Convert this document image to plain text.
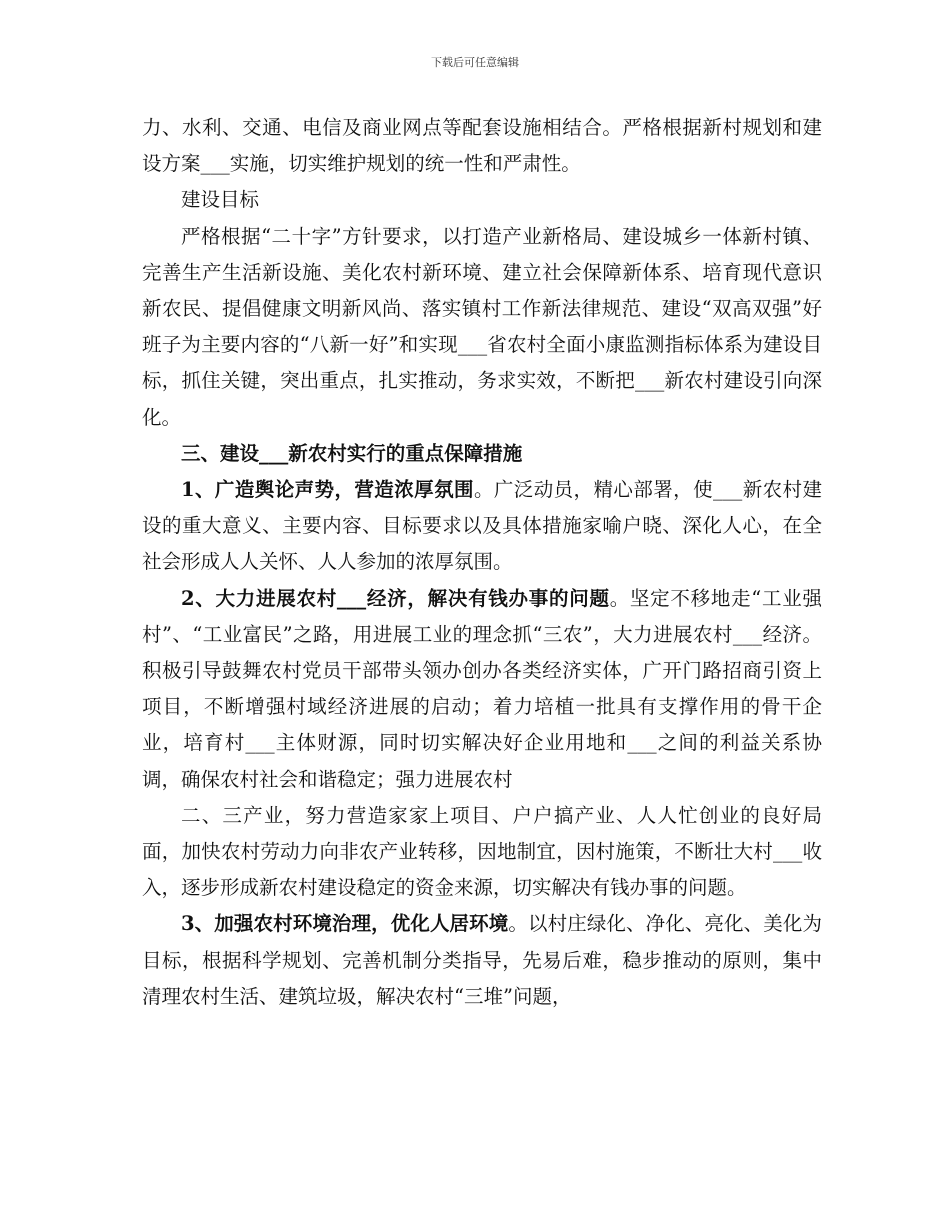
下载后可任意编辑

力、水利、交通、电信及商业网点等配套设施相结合。严格根据新村规划和建设方案___实施，切实维护规划的统一性和严肃性。

建设目标

严格根据“二十字”方针要求，以打造产业新格局、建设城乡一体新村镇、完善生产生活新设施、美化农村新环境、建立社会保障新体系、培育现代意识新农民、提倡健康文明新风尚、落实镇村工作新法律规范、建设“双高双强”好班子为主要内容的“八新一好”和实现___省农村全面小康监测指标体系为建设目标，抓住关键，突出重点，扎实推动，务求实效，不断把___新农村建设引向深化。

三、建设___新农村实行的重点保障措施

1、广造舆论声势，营造浓厚氛围。广泛动员，精心部署，使___新农村建设的重大意义、主要内容、目标要求以及具体措施家喻户晓、深化人心，在全社会形成人人关怀、人人参加的浓厚氛围。

2、大力进展农村___经济，解决有钱办事的问题。坚定不移地走“工业强村”、“工业富民”之路，用进展工业的理念抓“三农”，大力进展农村___经济。积极引导鼓舞农村党员干部带头领办创办各类经济实体，广开门路招商引资上项目，不断增强村域经济进展的启动；着力培植一批具有支撑作用的骨干企业，培育村___主体财源，同时切实解决好企业用地和___之间的利益关系协调，确保农村社会和谐稳定；强力进展农村

二、三产业，努力营造家家上项目、户户搞产业、人人忙创业的良好局面，加快农村劳动力向非农产业转移，因地制宜，因村施策，不断壮大村___收入，逐步形成新农村建设稳定的资金来源，切实解决有钱办事的问题。

3、加强农村环境治理，优化人居环境。以村庄绿化、净化、亮化、美化为目标，根据科学规划、完善机制分类指导，先易后难，稳步推动的原则，集中清理农村生活、建筑垃圾，解决农村“三堆”问题，
